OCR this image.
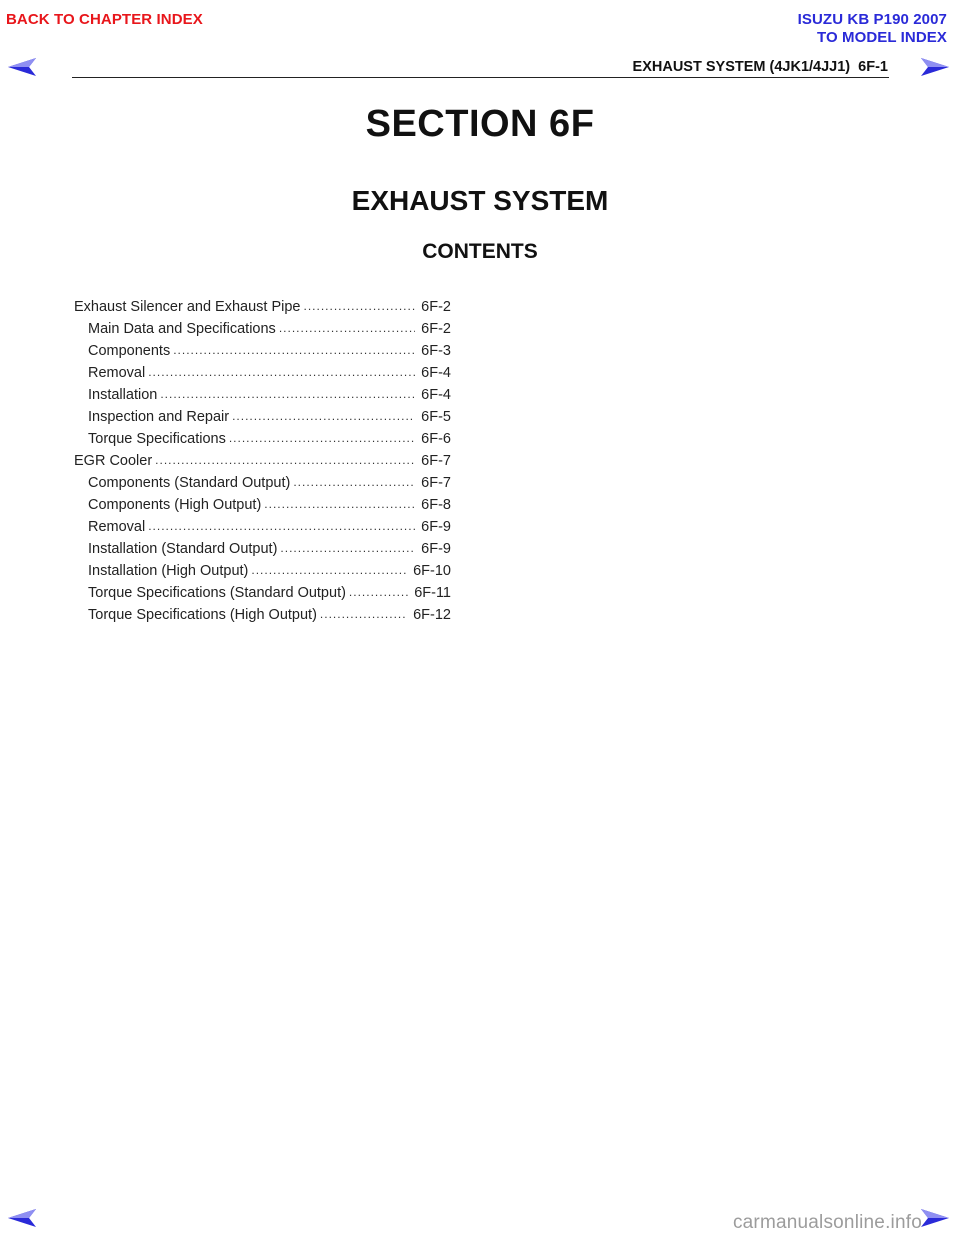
BACK TO CHAPTER INDEX	ISUZU KB P190 2007
TO MODEL INDEX
EXHAUST SYSTEM (4JK1/4JJ1)  6F-1
SECTION 6F
EXHAUST SYSTEM
CONTENTS
Exhaust Silencer and Exhaust Pipe .....	6F-2
Main Data and Specifications .....	6F-2
Components .....	6F-3
Removal .....	6F-4
Installation .....	6F-4
Inspection and Repair .....	6F-5
Torque Specifications .....	6F-6
EGR Cooler .....	6F-7
Components (Standard Output) .....	6F-7
Components (High Output) .....	6F-8
Removal .....	6F-9
Installation (Standard Output) .....	6F-9
Installation (High Output) .....	6F-10
Torque Specifications (Standard Output) .....	6F-11
Torque Specifications (High Output) .....	6F-12
carmanualsonline.info
